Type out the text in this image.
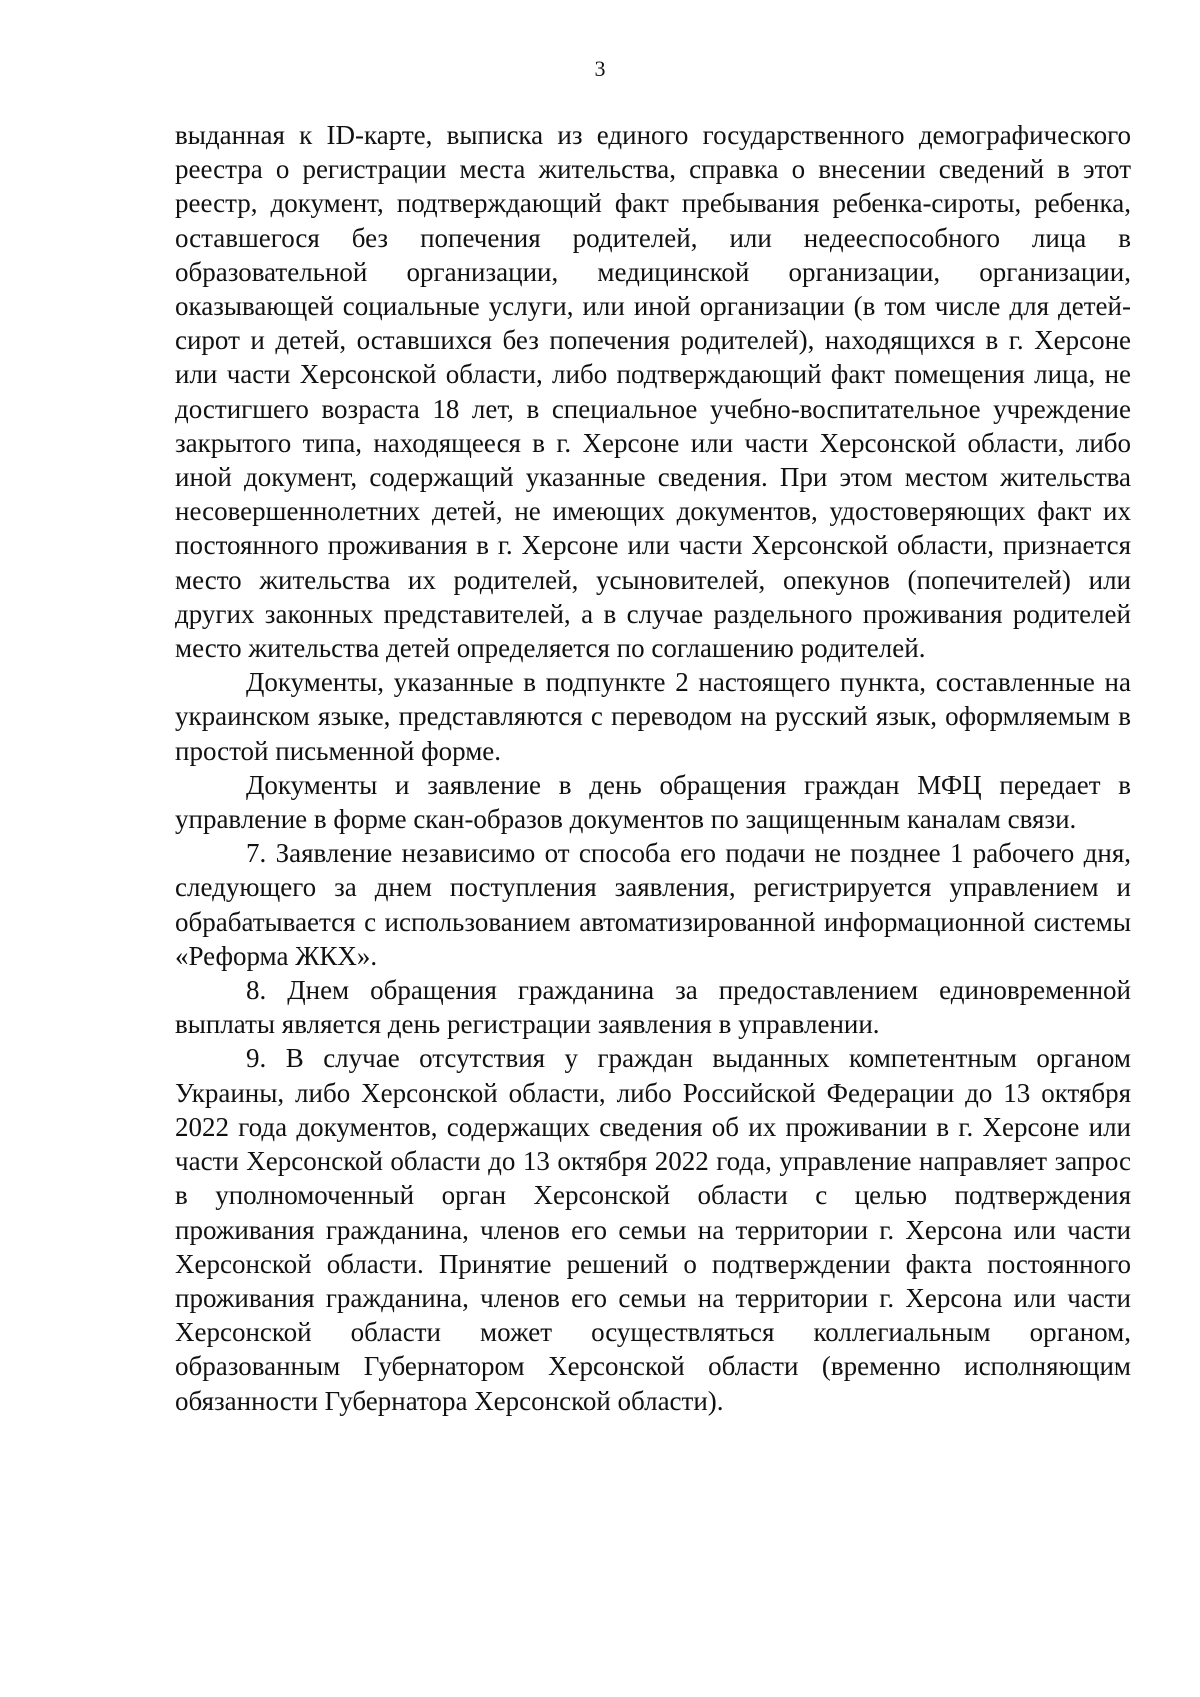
3

выданная к ID-карте, выписка из единого государственного демографического реестра о регистрации места жительства, справка о внесении сведений в этот реестр, документ, подтверждающий факт пребывания ребенка-сироты, ребенка, оставшегося без попечения родителей, или недееспособного лица в образовательной организации, медицинской организации, организации, оказывающей социальные услуги, или иной организации (в том числе для детей-сирот и детей, оставшихся без попечения родителей), находящихся в г. Херсоне или части Херсонской области, либо подтверждающий факт помещения лица, не достигшего возраста 18 лет, в специальное учебно-воспитательное учреждение закрытого типа, находящееся в г. Херсоне или части Херсонской области, либо иной документ, содержащий указанные сведения. При этом местом жительства несовершеннолетних детей, не имеющих документов, удостоверяющих факт их постоянного проживания в г. Херсоне или части Херсонской области, признается место жительства их родителей, усыновителей, опекунов (попечителей) или других законных представителей, а в случае раздельного проживания родителей место жительства детей определяется по соглашению родителей.

Документы, указанные в подпункте 2 настоящего пункта, составленные на украинском языке, представляются с переводом на русский язык, оформляемым в простой письменной форме.

Документы и заявление в день обращения граждан МФЦ передает в управление в форме скан-образов документов по защищенным каналам связи.

7. Заявление независимо от способа его подачи не позднее 1 рабочего дня, следующего за днем поступления заявления, регистрируется управлением и обрабатывается с использованием автоматизированной информационной системы «Реформа ЖКХ».

8. Днем обращения гражданина за предоставлением единовременной выплаты является день регистрации заявления в управлении.

9. В случае отсутствия у граждан выданных компетентным органом Украины, либо Херсонской области, либо Российской Федерации до 13 октября 2022 года документов, содержащих сведения об их проживании в г. Херсоне или части Херсонской области до 13 октября 2022 года, управление направляет запрос в уполномоченный орган Херсонской области с целью подтверждения проживания гражданина, членов его семьи на территории г. Херсона или части Херсонской области. Принятие решений о подтверждении факта постоянного проживания гражданина, членов его семьи на территории г. Херсона или части Херсонской области может осуществляться коллегиальным органом, образованным Губернатором Херсонской области (временно исполняющим обязанности Губернатора Херсонской области).
